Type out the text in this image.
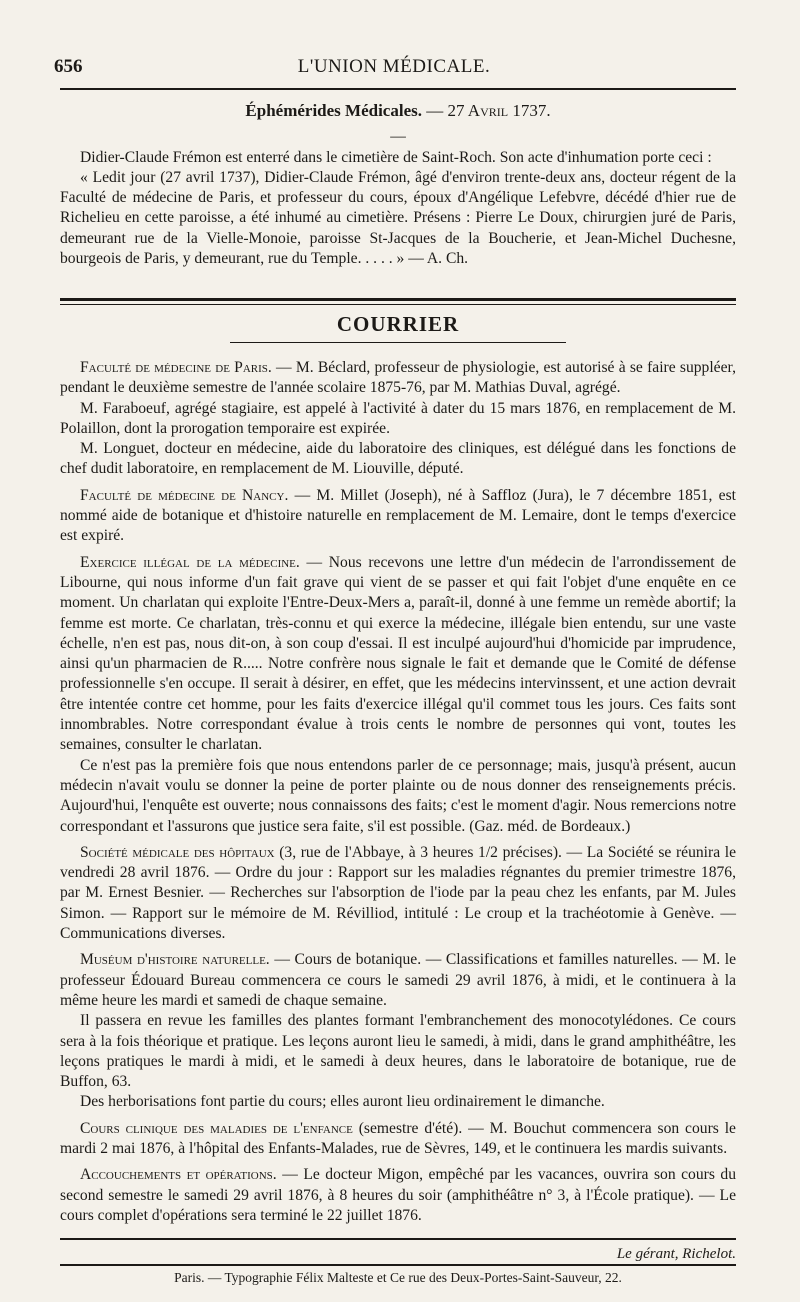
656	L'UNION MÉDICALE.
Éphémérides Médicales. — 27 Avril 1737.
—

Didier-Claude Frémon est enterré dans le cimetière de Saint-Roch. Son acte d'inhumation porte ceci :

« Ledit jour (27 avril 1737), Didier-Claude Frémon, âgé d'environ trente-deux ans, docteur régent de la Faculté de médecine de Paris, et professeur du cours, époux d'Angélique Lefebvre, décédé d'hier rue de Richelieu en cette paroisse, a été inhumé au cimetière. Présens : Pierre Le Doux, chirurgien juré de Paris, demeurant rue de la Vielle-Monoie, paroisse St-Jacques de la Boucherie, et Jean-Michel Duchesne, bourgeois de Paris, y demeurant, rue du Temple. . . . . » — A. Ch.

COURRIER

Faculté de médecine de Paris. — M. Béclard, professeur de physiologie, est autorisé à se faire suppléer, pendant le deuxième semestre de l'année scolaire 1875-76, par M. Mathias Duval, agrégé.

M. Faraboeuf, agrégé stagiaire, est appelé à l'activité à dater du 15 mars 1876, en remplacement de M. Polaillon, dont la prorogation temporaire est expirée.

M. Longuet, docteur en médecine, aide du laboratoire des cliniques, est délégué dans les fonctions de chef dudit laboratoire, en remplacement de M. Liouville, député.

Faculté de médecine de Nancy. — M. Millet (Joseph), né à Saffloz (Jura), le 7 décembre 1851, est nommé aide de botanique et d'histoire naturelle en remplacement de M. Lemaire, dont le temps d'exercice est expiré.

Exercice illégal de la médecine. — Nous recevons une lettre d'un médecin de l'arrondissement de Libourne, qui nous informe d'un fait grave qui vient de se passer et qui fait l'objet d'une enquête en ce moment. Un charlatan qui exploite l'Entre-Deux-Mers a, paraît-il, donné à une femme un remède abortif; la femme est morte. Ce charlatan, très-connu et qui exerce la médecine, illégale bien entendu, sur une vaste échelle, n'en est pas, nous dit-on, à son coup d'essai. Il est inculpé aujourd'hui d'homicide par imprudence, ainsi qu'un pharmacien de R..... Notre confrère nous signale le fait et demande que le Comité de défense professionnelle s'en occupe. Il serait à désirer, en effet, que les médecins intervinssent, et une action devrait être intentée contre cet homme, pour les faits d'exercice illégal qu'il commet tous les jours. Ces faits sont innombrables. Notre correspondant évalue à trois cents le nombre de personnes qui vont, toutes les semaines, consulter le charlatan.

Ce n'est pas la première fois que nous entendons parler de ce personnage; mais, jusqu'à présent, aucun médecin n'avait voulu se donner la peine de porter plainte ou de nous donner des renseignements précis. Aujourd'hui, l'enquête est ouverte; nous connaissons des faits; c'est le moment d'agir. Nous remercions notre correspondant et l'assurons que justice sera faite, s'il est possible. (Gaz. méd. de Bordeaux.)

Société médicale des hôpitaux (3, rue de l'Abbaye, à 3 heures 1/2 précises). — La Société se réunira le vendredi 28 avril 1876. — Ordre du jour : Rapport sur les maladies régnantes du premier trimestre 1876, par M. Ernest Besnier. — Recherches sur l'absorption de l'iode par la peau chez les enfants, par M. Jules Simon. — Rapport sur le mémoire de M. Révilliod, intitulé : Le croup et la trachéotomie à Genève. — Communications diverses.

Muséum d'histoire naturelle. — Cours de botanique. — Classifications et familles naturelles. — M. le professeur Édouard Bureau commencera ce cours le samedi 29 avril 1876, à midi, et le continuera à la même heure les mardi et samedi de chaque semaine.

Il passera en revue les familles des plantes formant l'embranchement des monocotylédones. Ce cours sera à la fois théorique et pratique. Les leçons auront lieu le samedi, à midi, dans le grand amphithéâtre, les leçons pratiques le mardi à midi, et le samedi à deux heures, dans le laboratoire de botanique, rue de Buffon, 63.

Des herborisations font partie du cours; elles auront lieu ordinairement le dimanche.

Cours clinique des maladies de l'enfance (semestre d'été). — M. Bouchut commencera son cours le mardi 2 mai 1876, à l'hôpital des Enfants-Malades, rue de Sèvres, 149, et le continuera les mardis suivants.

Accouchements et opérations. — Le docteur Migon, empêché par les vacances, ouvrira son cours du second semestre le samedi 29 avril 1876, à 8 heures du soir (amphithéâtre n° 3, à l'École pratique). — Le cours complet d'opérations sera terminé le 22 juillet 1876.

Le gérant, Richelot.
Paris. — Typographie Félix Malteste et Ce rue des Deux-Portes-Saint-Sauveur, 22.
